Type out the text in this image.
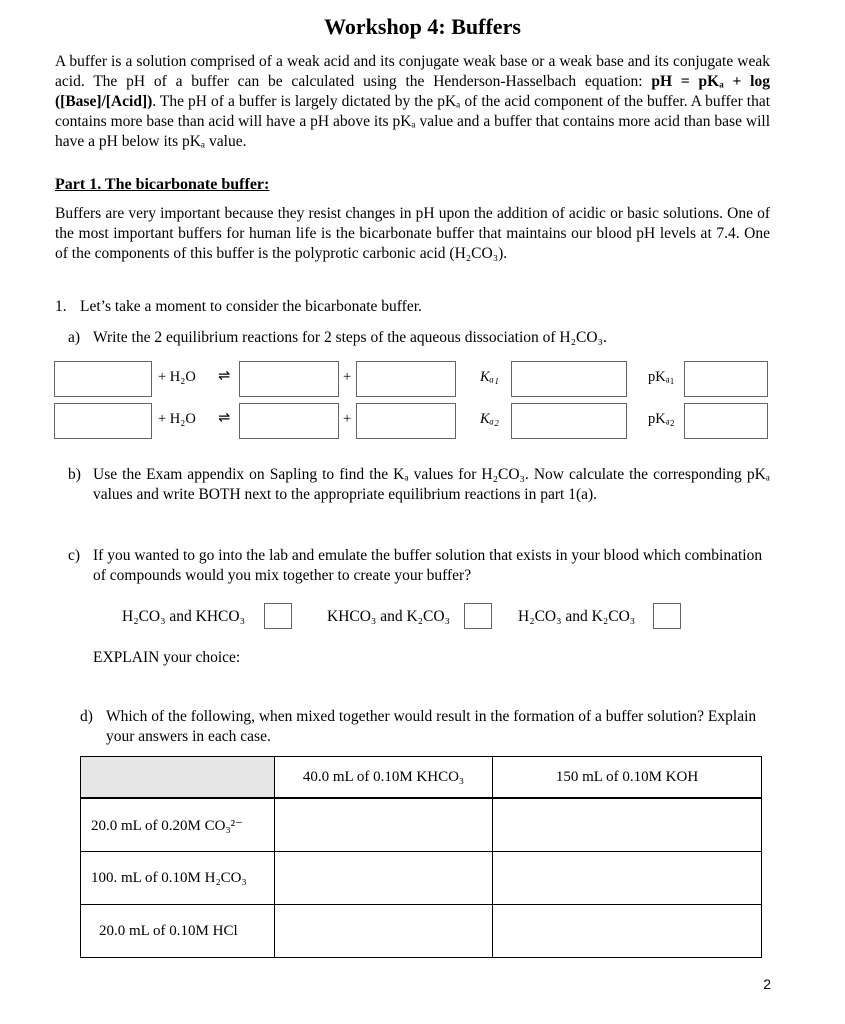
Workshop 4: Buffers
A buffer is a solution comprised of a weak acid and its conjugate weak base or a weak base and its conjugate weak acid. The pH of a buffer can be calculated using the Henderson-Hasselbach equation: pH = pKₐ + log ([Base]/[Acid]). The pH of a buffer is largely dictated by the pKₐ of the acid component of the buffer. A buffer that contains more base than acid will have a pH above its pKₐ value and a buffer that contains more acid than base will have a pH below its pKₐ value.
Part 1. The bicarbonate buffer:
Buffers are very important because they resist changes in pH upon the addition of acidic or basic solutions. One of the most important buffers for human life is the bicarbonate buffer that maintains our blood pH levels at 7.4. One of the components of this buffer is the polyprotic carbonic acid (H₂CO₃).
1. Let’s take a moment to consider the bicarbonate buffer.
a) Write the 2 equilibrium reactions for 2 steps of the aqueous dissociation of H₂CO₃.
+ H₂O ⇌	+	Kₐ₁	pKₐ₁
+ H₂O ⇌	+	Kₐ₂	pKₐ₂
b) Use the Exam appendix on Sapling to find the Kₐ values for H₂CO₃. Now calculate the corresponding pKₐ values and write BOTH next to the appropriate equilibrium reactions in part 1(a).
c) If you wanted to go into the lab and emulate the buffer solution that exists in your blood which combination of compounds would you mix together to create your buffer?
H₂CO₃ and KHCO₃	KHCO₃ and K₂CO₃	H₂CO₃ and K₂CO₃
EXPLAIN your choice:
d) Which of the following, when mixed together would result in the formation of a buffer solution? Explain your answers in each case.
	40.0 mL of 0.10M KHCO₃	150 mL of 0.10M KOH
20.0 mL of 0.20M CO₃²⁻		
100. mL of 0.10M H₂CO₃		
20.0 mL of 0.10M HCl		
2
